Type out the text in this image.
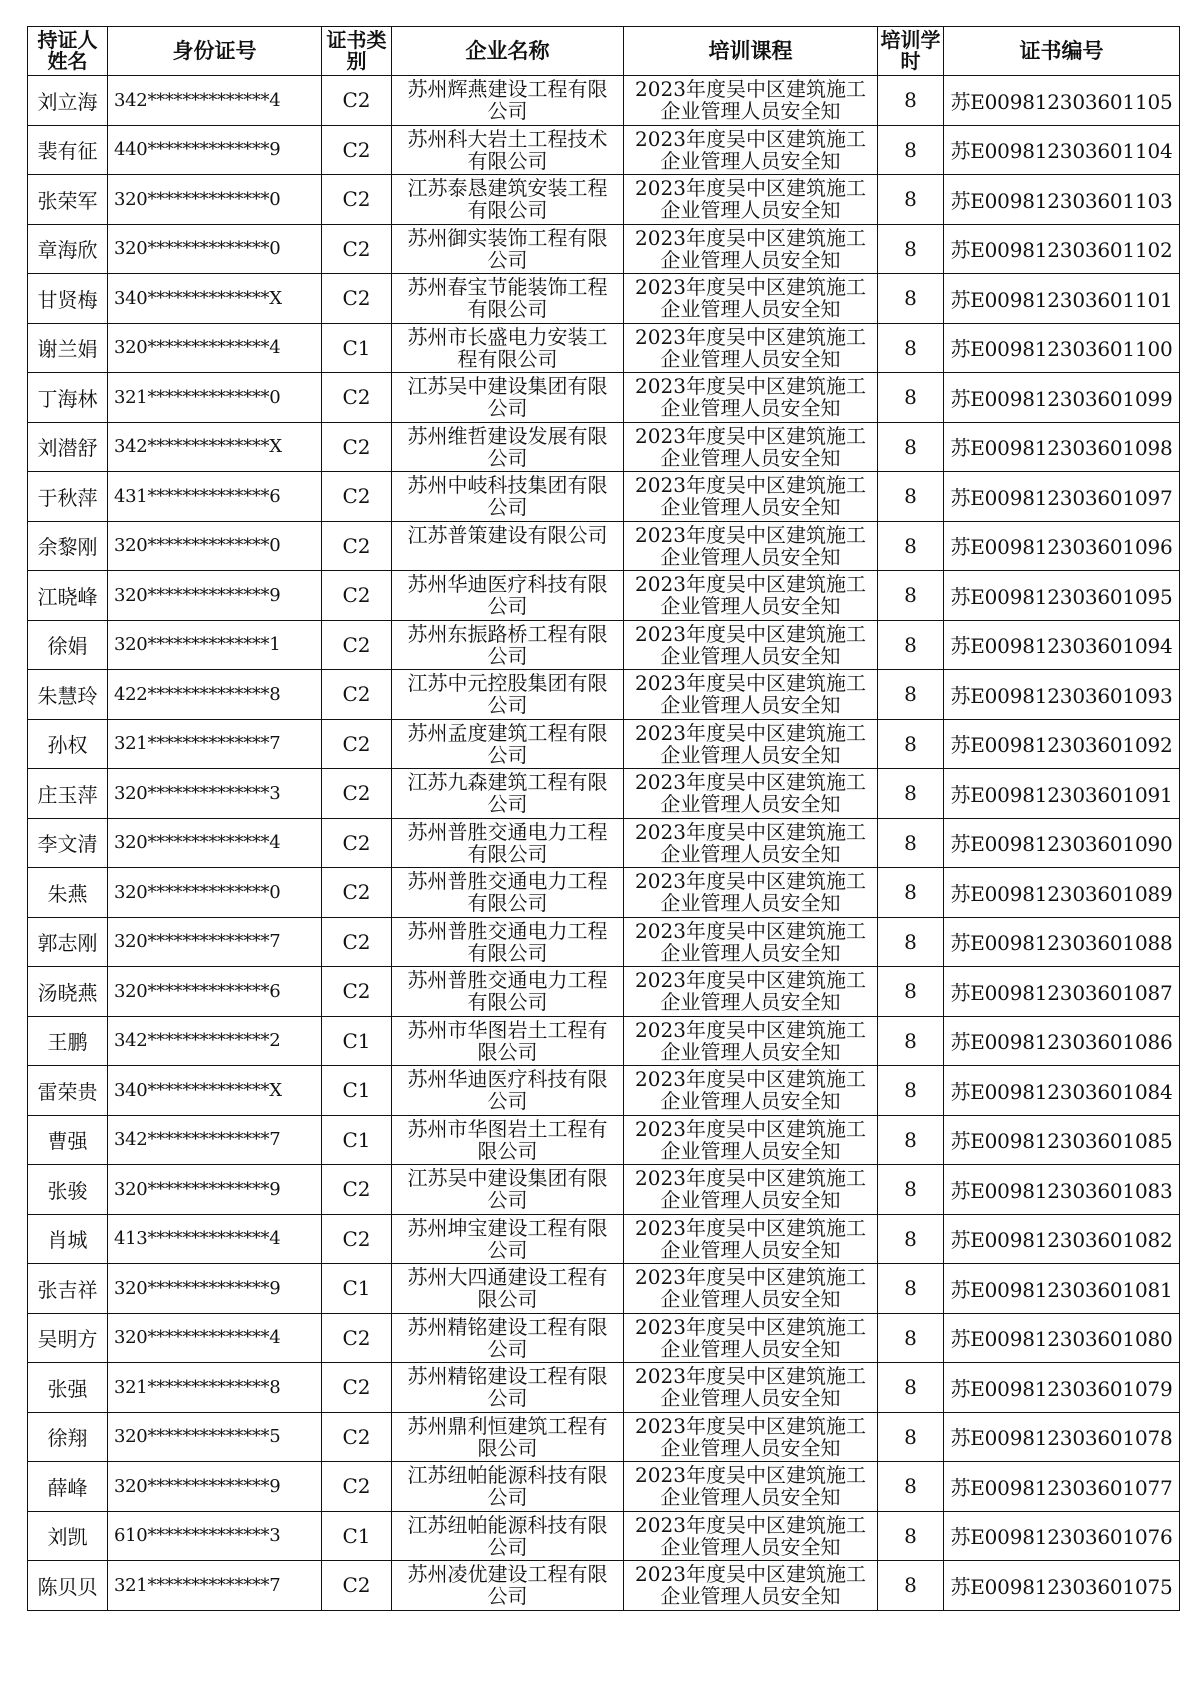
持证人姓名	身份证号	证书类别	企业名称	培训课程	培训学时	证书编号
刘立海	342**************4	C2	苏州辉燕建设工程有限公司	2023年度吴中区建筑施工企业管理人员安全知	8	苏E009812303601105
裴有征	440**************9	C2	苏州科大岩土工程技术有限公司	2023年度吴中区建筑施工企业管理人员安全知	8	苏E009812303601104
张荣军	320**************0	C2	江苏泰恳建筑安装工程有限公司	2023年度吴中区建筑施工企业管理人员安全知	8	苏E009812303601103
章海欣	320**************0	C2	苏州御实装饰工程有限公司	2023年度吴中区建筑施工企业管理人员安全知	8	苏E009812303601102
甘贤梅	340**************X	C2	苏州春宝节能装饰工程有限公司	2023年度吴中区建筑施工企业管理人员安全知	8	苏E009812303601101
谢兰娟	320**************4	C1	苏州市长盛电力安装工程有限公司	2023年度吴中区建筑施工企业管理人员安全知	8	苏E009812303601100
丁海林	321**************0	C2	江苏吴中建设集团有限公司	2023年度吴中区建筑施工企业管理人员安全知	8	苏E009812303601099
刘潜舒	342**************X	C2	苏州维哲建设发展有限公司	2023年度吴中区建筑施工企业管理人员安全知	8	苏E009812303601098
于秋萍	431**************6	C2	苏州中岐科技集团有限公司	2023年度吴中区建筑施工企业管理人员安全知	8	苏E009812303601097
余黎刚	320**************0	C2	江苏普策建设有限公司	2023年度吴中区建筑施工企业管理人员安全知	8	苏E009812303601096
江晓峰	320**************9	C2	苏州华迪医疗科技有限公司	2023年度吴中区建筑施工企业管理人员安全知	8	苏E009812303601095
徐娟	320**************1	C2	苏州东振路桥工程有限公司	2023年度吴中区建筑施工企业管理人员安全知	8	苏E009812303601094
朱慧玲	422**************8	C2	江苏中元控股集团有限公司	2023年度吴中区建筑施工企业管理人员安全知	8	苏E009812303601093
孙权	321**************7	C2	苏州孟度建筑工程有限公司	2023年度吴中区建筑施工企业管理人员安全知	8	苏E009812303601092
庄玉萍	320**************3	C2	江苏九森建筑工程有限公司	2023年度吴中区建筑施工企业管理人员安全知	8	苏E009812303601091
李文清	320**************4	C2	苏州普胜交通电力工程有限公司	2023年度吴中区建筑施工企业管理人员安全知	8	苏E009812303601090
朱燕	320**************0	C2	苏州普胜交通电力工程有限公司	2023年度吴中区建筑施工企业管理人员安全知	8	苏E009812303601089
郭志刚	320**************7	C2	苏州普胜交通电力工程有限公司	2023年度吴中区建筑施工企业管理人员安全知	8	苏E009812303601088
汤晓燕	320**************6	C2	苏州普胜交通电力工程有限公司	2023年度吴中区建筑施工企业管理人员安全知	8	苏E009812303601087
王鹏	342**************2	C1	苏州市华图岩土工程有限公司	2023年度吴中区建筑施工企业管理人员安全知	8	苏E009812303601086
雷荣贵	340**************X	C1	苏州华迪医疗科技有限公司	2023年度吴中区建筑施工企业管理人员安全知	8	苏E009812303601084
曹强	342**************7	C1	苏州市华图岩土工程有限公司	2023年度吴中区建筑施工企业管理人员安全知	8	苏E009812303601085
张骏	320**************9	C2	江苏吴中建设集团有限公司	2023年度吴中区建筑施工企业管理人员安全知	8	苏E009812303601083
肖城	413**************4	C2	苏州坤宝建设工程有限公司	2023年度吴中区建筑施工企业管理人员安全知	8	苏E009812303601082
张吉祥	320**************9	C1	苏州大四通建设工程有限公司	2023年度吴中区建筑施工企业管理人员安全知	8	苏E009812303601081
吴明方	320**************4	C2	苏州精铭建设工程有限公司	2023年度吴中区建筑施工企业管理人员安全知	8	苏E009812303601080
张强	321**************8	C2	苏州精铭建设工程有限公司	2023年度吴中区建筑施工企业管理人员安全知	8	苏E009812303601079
徐翔	320**************5	C2	苏州鼎利恒建筑工程有限公司	2023年度吴中区建筑施工企业管理人员安全知	8	苏E009812303601078
薛峰	320**************9	C2	江苏纽帕能源科技有限公司	2023年度吴中区建筑施工企业管理人员安全知	8	苏E009812303601077
刘凯	610**************3	C1	江苏纽帕能源科技有限公司	2023年度吴中区建筑施工企业管理人员安全知	8	苏E009812303601076
陈贝贝	321**************7	C2	苏州凌优建设工程有限公司	2023年度吴中区建筑施工企业管理人员安全知	8	苏E009812303601075
